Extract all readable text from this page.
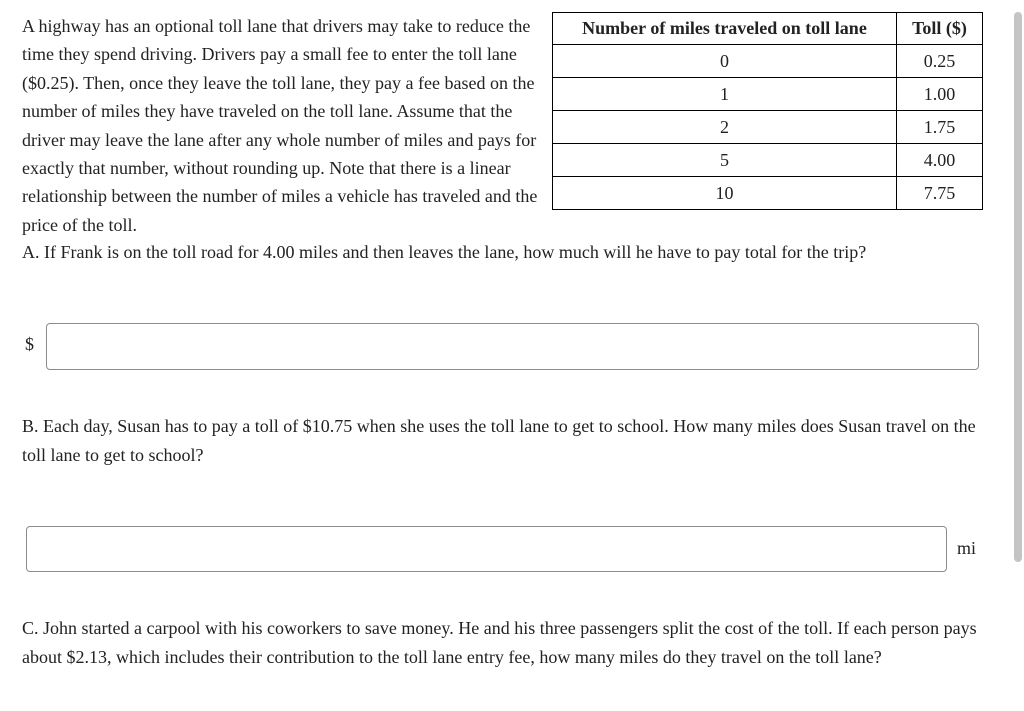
A highway has an optional toll lane that drivers may take to reduce the time they spend driving. Drivers pay a small fee to enter the toll lane ($0.25). Then, once they leave the toll lane, they pay a fee based on the number of miles they have traveled on the toll lane. Assume that the driver may leave the lane after any whole number of miles and pays for exactly that number, without rounding up. Note that there is a linear relationship between the number of miles a vehicle has traveled and the price of the toll.

Number of miles traveled on toll lane	Toll ($)
0	0.25
1	1.00
2	1.75
5	4.00
10	7.75

A. If Frank is on the toll road for 4.00 miles and then leaves the lane, how much will he have to pay total for the trip?

$

B. Each day, Susan has to pay a toll of $10.75 when she uses the toll lane to get to school. How many miles does Susan travel on the toll lane to get to school?

mi

C. John started a carpool with his coworkers to save money. He and his three passengers split the cost of the toll. If each person pays about $2.13, which includes their contribution to the toll lane entry fee, how many miles do they travel on the toll lane?
